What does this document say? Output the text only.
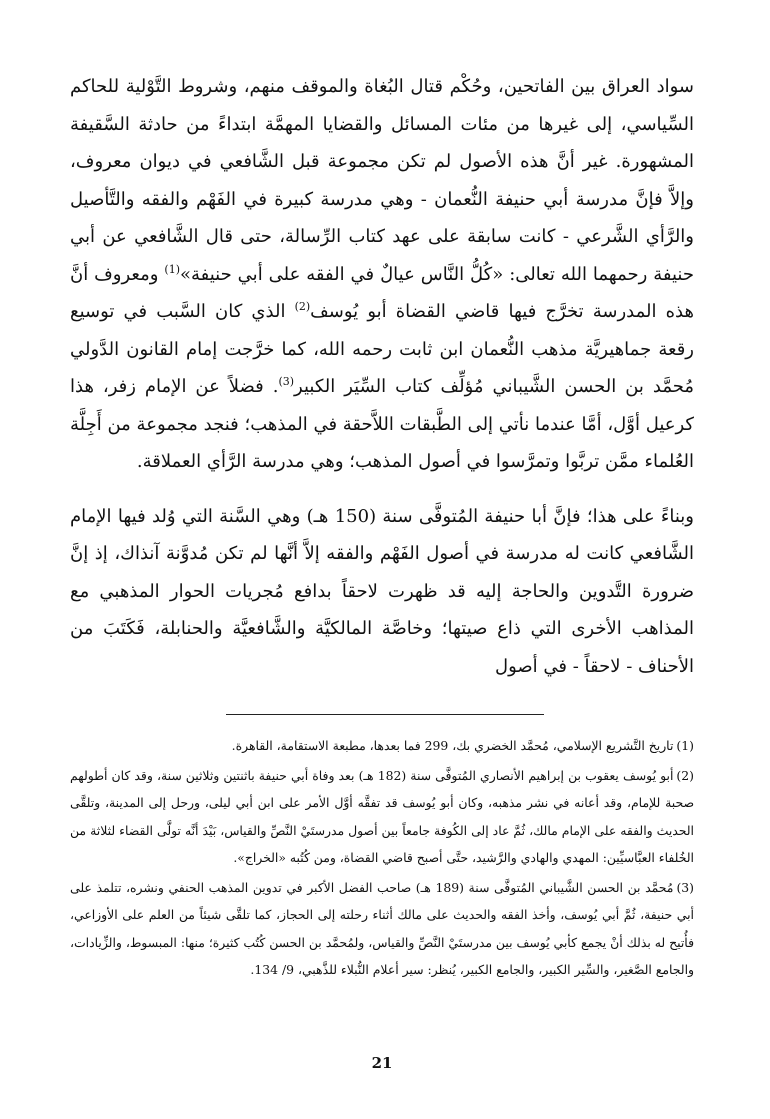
سواد العراق بين الفاتحين، وحُكْم قتال البُغاة والموقف منهم، وشروط التَّوْلية للحاكم السِّياسي، إلى غيرها من مئات المسائل والقضايا المهمَّة ابتداءً من حادثة السَّقيفة المشهورة. غير أنَّ هذه الأصول لم تكن مجموعة قبل الشَّافعي في ديوان معروف، وإلاَّ فإنَّ مدرسة أبي حنيفة النُّعمان - وهي مدرسة كبيرة في الفَهْم والفقه والتَّأصيل والرَّأي الشَّرعي - كانت سابقة على عهد كتاب الرِّسالة، حتى قال الشَّافعي عن أبي حنيفة رحمهما الله تعالى: «كُلُّ النَّاس عيالٌ في الفقه على أبي حنيفة»$^{(1)}$ ومعروف أنَّ هذه المدرسة تخرَّج فيها قاضي القضاة أبو يُوسف$^{(2)}$ الذي كان السَّبب في توسيع رقعة جماهيريَّة مذهب النُّعمان ابن ثابت رحمه الله، كما خرَّجت إمام القانون الدَّولي مُحمَّد بن الحسن الشَّيباني مُؤلِّف كتاب السِّيَر الكبير$^{(3)}$. فضلاً عن الإمام زفر، هذا كرعيل أوَّل، أمَّا عندما نأتي إلى الطَّبقات اللاَّحقة في المذهب؛ فنجد مجموعة من أَجِلَّة العُلماء ممَّن تربَّوا وتمرَّسوا في أصول المذهب؛ وهي مدرسة الرَّأي العملاقة.

وبناءً على هذا؛ فإنَّ أبا حنيفة المُتوفَّى سنة (150 هـ) وهي السَّنة التي وُلد فيها الإمام الشَّافعي كانت له مدرسة في أصول الفَهْم والفقه إلاَّ أنَّها لم تكن مُدوَّنة آنذاك، إذ إنَّ ضرورة التَّدوين والحاجة إليه قد ظهرت لاحقاً بدافع مُجريات الحوار المذهبي مع المذاهب الأخرى التي ذاع صيتها؛ وخاصَّة المالكيَّة والشَّافعيَّة والحنابلة، فَكَتَبَ من الأحناف - لاحقاً - في أصول

(1)تاريخ التَّشريع الإسلامي، مُحمَّد الخضري بك، 299 فما بعدها، مطبعة الاستقامة، القاهرة.

(2)أبو يُوسف يعقوب بن إبراهيم الأنصاري المُتوفَّى سنة (182 هـ) بعد وفاة أبي حنيفة باثنتين وثلاثين سنة، وقد كان أطولهم صحبة للإمام، وقد أعانه في نشر مذهبه، وكان أبو يُوسف قد تفقَّه أوَّل الأمر على ابن أبي ليلى، ورحل إلى المدينة، وتلقَّى الحديث والفقه على الإمام مالك، ثُمَّ عاد إلى الكُوفة جامعاً بين أصول مدرستَيْ النَّصِّ والقياس، بَيْدَ أنَّه تولَّى القضاء لثلاثة من الخُلفاء العبَّاسيِّين: المهدي والهادي والرَّشيد، حتَّى أصبح قاضي القضاة، ومن كُتُبه «الخراج».

(3)مُحمَّد بن الحسن الشَّيباني المُتوفَّى سنة (189 هـ) صاحب الفضل الأكبر في تدوين المذهب الحنفي ونشره، تتلمذ على أبي حنيفة، ثُمَّ أبي يُوسف، وأخذ الفقه والحديث على مالك أثناء رحلته إلى الحجاز، كما تلقَّى شيئاً من العلم على الأوزاعي، فأُتيح له بذلك أنْ يجمع كأبي يُوسف بين مدرستَيْ النَّصِّ والقياس، ولمُحمَّد بن الحسن كُتُب كثيرة؛ منها: المبسوط، والزِّيادات، والجامع الصَّغير، والسِّير الكبير، والجامع الكبير، يُنظر: سير أعلام النُّبلاء للذَّهبي، 9/ 134.

21
